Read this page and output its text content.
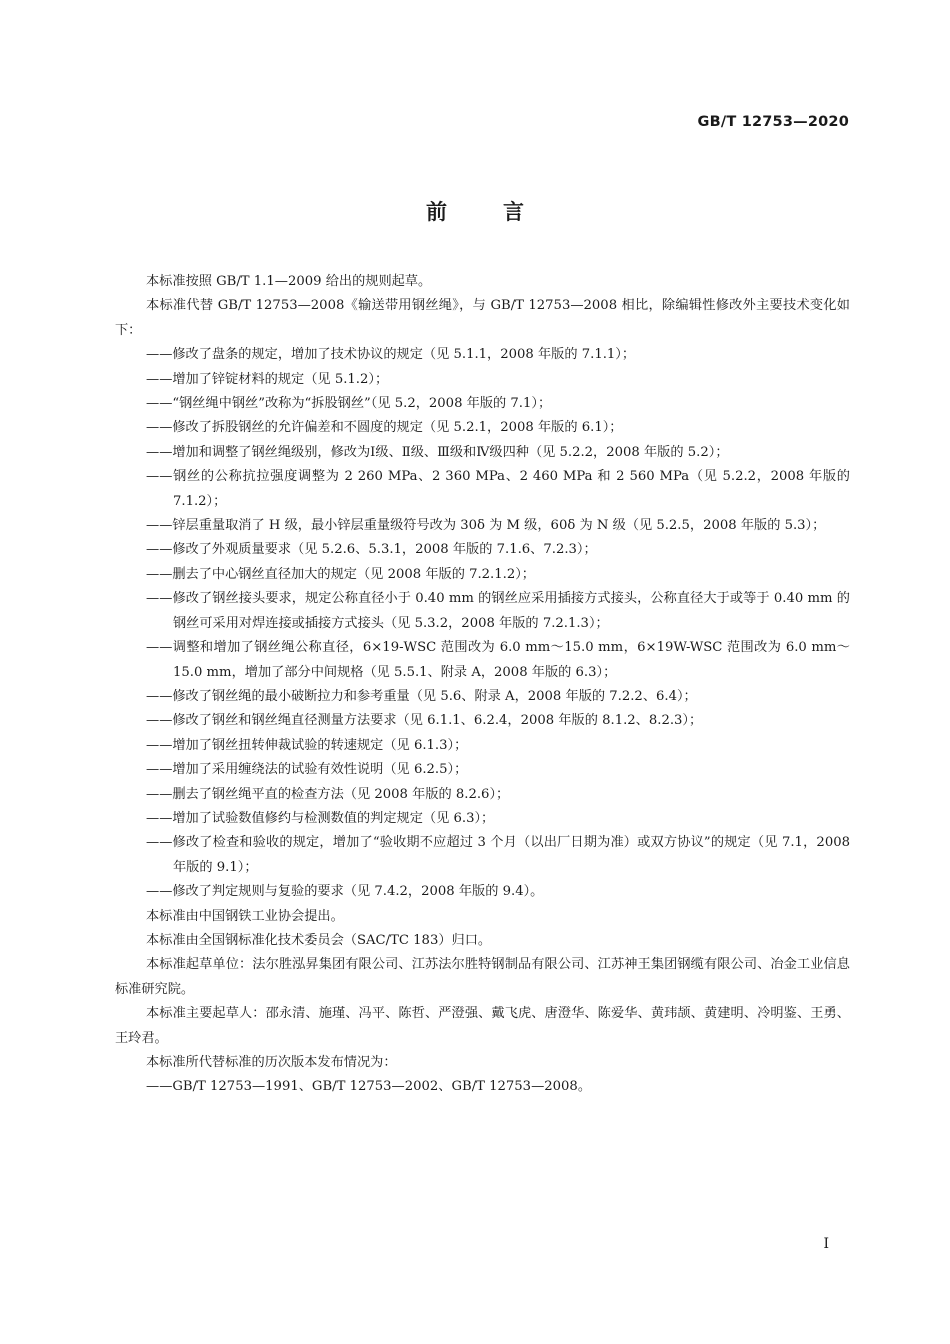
GB/T 12753—2020
前言

本标准按照 GB/T 1.1—2009 给出的规则起草。

本标准代替 GB/T 12753—2008《输送带用钢丝绳》，与 GB/T 12753—2008 相比，除编辑性修改外主要技术变化如下：

——修改了盘条的规定，增加了技术协议的规定（见 5.1.1，2008 年版的 7.1.1）；

——增加了锌锭材料的规定（见 5.1.2）；

——“钢丝绳中钢丝”改称为“拆股钢丝”（见 5.2，2008 年版的 7.1）；

——修改了拆股钢丝的允许偏差和不圆度的规定（见 5.2.1，2008 年版的 6.1）；

——增加和调整了钢丝绳级别，修改为Ⅰ级、Ⅱ级、Ⅲ级和Ⅳ级四种（见 5.2.2，2008 年版的 5.2）；

——钢丝的公称抗拉强度调整为 2 260 MPa、2 360 MPa、2 460 MPa 和 2 560 MPa（见 5.2.2，2008 年版的 7.1.2）；

——锌层重量取消了 H 级，最小锌层重量级符号改为 30δ 为 M 级，60δ 为 N 级（见 5.2.5，2008 年版的 5.3）；

——修改了外观质量要求（见 5.2.6、5.3.1，2008 年版的 7.1.6、7.2.3）；

——删去了中心钢丝直径加大的规定（见 2008 年版的 7.2.1.2）；

——修改了钢丝接头要求，规定公称直径小于 0.40 mm 的钢丝应采用插接方式接头，公称直径大于或等于 0.40 mm 的钢丝可采用对焊连接或插接方式接头（见 5.3.2，2008 年版的 7.2.1.3）；

——调整和增加了钢丝绳公称直径，6×19-WSC 范围改为 6.0 mm～15.0 mm，6×19W-WSC 范围改为 6.0 mm～15.0 mm，增加了部分中间规格（见 5.5.1、附录 A，2008 年版的 6.3）；

——修改了钢丝绳的最小破断拉力和参考重量（见 5.6、附录 A，2008 年版的 7.2.2、6.4）；

——修改了钢丝和钢丝绳直径测量方法要求（见 6.1.1、6.2.4，2008 年版的 8.1.2、8.2.3）；

——增加了钢丝扭转伸裁试验的转速规定（见 6.1.3）；

——增加了采用缠绕法的试验有效性说明（见 6.2.5）；

——删去了钢丝绳平直的检查方法（见 2008 年版的 8.2.6）；

——增加了试验数值修约与检测数值的判定规定（见 6.3）；

——修改了检查和验收的规定，增加了“验收期不应超过 3 个月（以出厂日期为准）或双方协议”的规定（见 7.1，2008 年版的 9.1）；

——修改了判定规则与复验的要求（见 7.4.2，2008 年版的 9.4）。

本标准由中国钢铁工业协会提出。

本标准由全国钢标准化技术委员会（SAC/TC 183）归口。

本标准起草单位：法尔胜泓昇集团有限公司、江苏法尔胜特钢制品有限公司、江苏神王集团钢缆有限公司、冶金工业信息标准研究院。

本标准主要起草人：邵永清、施瑾、冯平、陈哲、严澄强、戴飞虎、唐澄华、陈爱华、黄玮颉、黄建明、冷明鉴、王勇、王玲君。

本标准所代替标准的历次版本发布情况为：

——GB/T 12753—1991、GB/T 12753—2002、GB/T 12753—2008。

I
